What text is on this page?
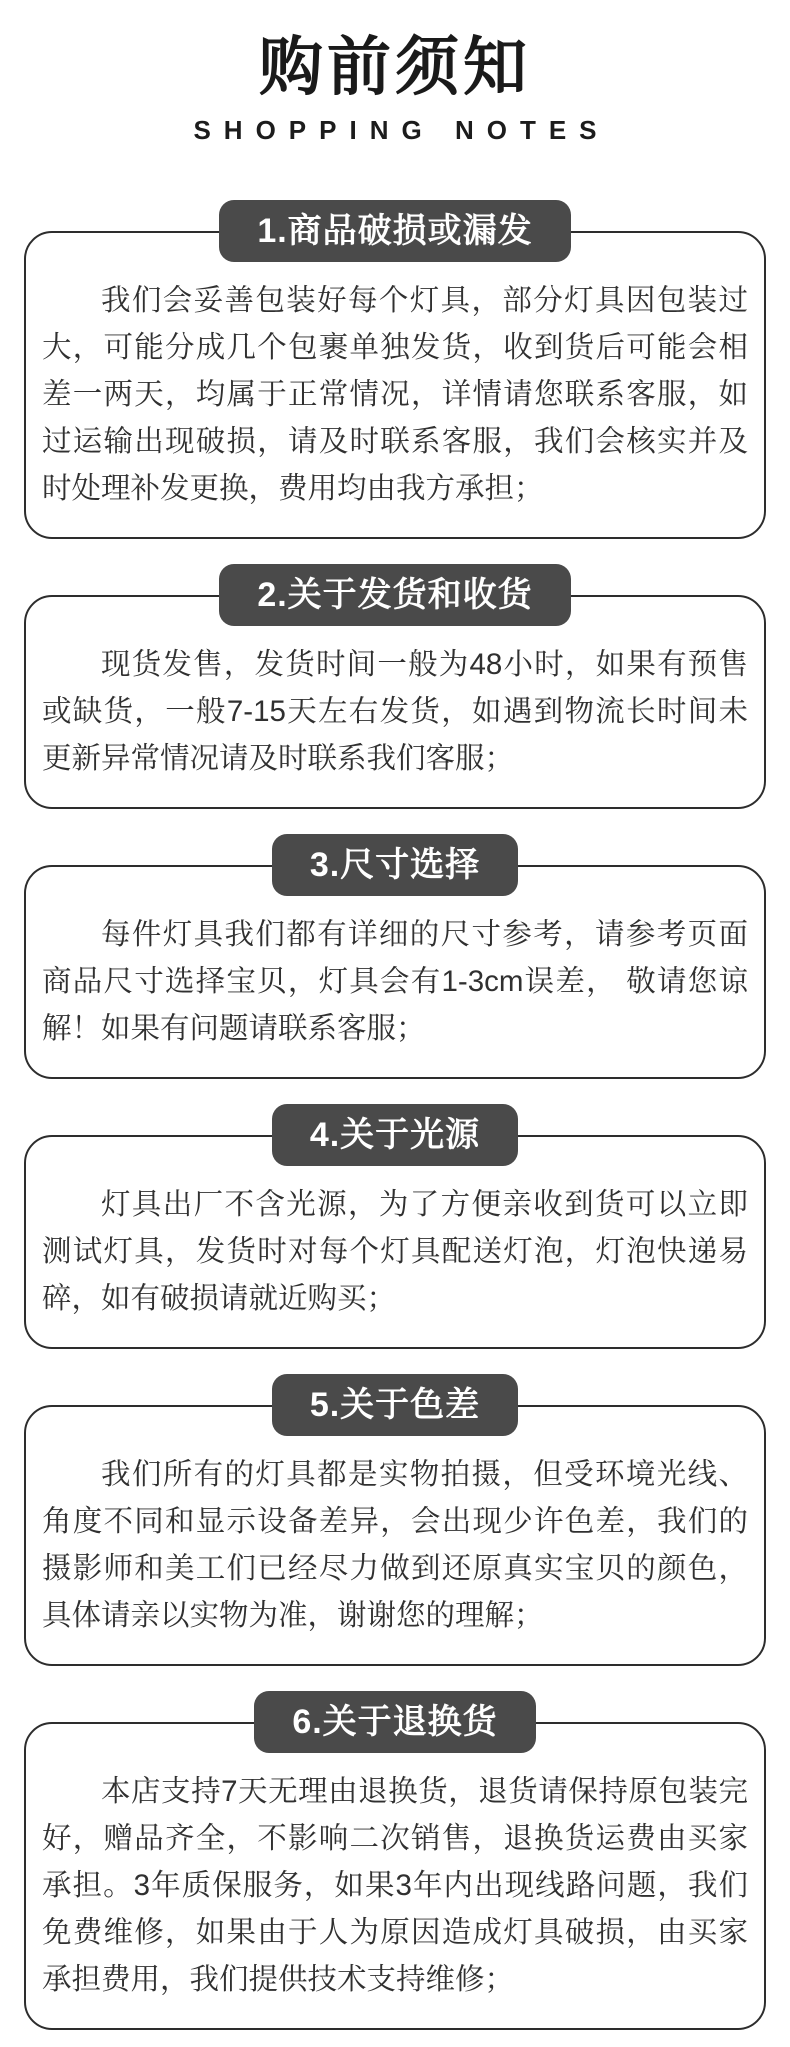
购前须知
SHOPPING NOTES
1.商品破损或漏发

我们会妥善包装好每个灯具，部分灯具因包装过大，可能分成几个包裹单独发货，收到货后可能会相差一两天，均属于正常情况，详情请您联系客服，如过运输出现破损，请及时联系客服，我们会核实并及时处理补发更换，费用均由我方承担；

2.关于发货和收货

现货发售，发货时间一般为48小时，如果有预售或缺货，一般7-15天左右发货，如遇到物流长时间未更新异常情况请及时联系我们客服；

3.尺寸选择

每件灯具我们都有详细的尺寸参考，请参考页面商品尺寸选择宝贝，灯具会有1-3cm误差， 敬请您谅解！如果有问题请联系客服；

4.关于光源

灯具出厂不含光源，为了方便亲收到货可以立即测试灯具，发货时对每个灯具配送灯泡，灯泡快递易碎，如有破损请就近购买；

5.关于色差

我们所有的灯具都是实物拍摄，但受环境光线、角度不同和显示设备差异，会出现少许色差，我们的摄影师和美工们已经尽力做到还原真实宝贝的颜色，具体请亲以实物为准，谢谢您的理解；

6.关于退换货

本店支持7天无理由退换货，退货请保持原包装完好，赠品齐全，不影响二次销售，退换货运费由买家承担。3年质保服务，如果3年内出现线路问题，我们免费维修，如果由于人为原因造成灯具破损，由买家承担费用，我们提供技术支持维修；
